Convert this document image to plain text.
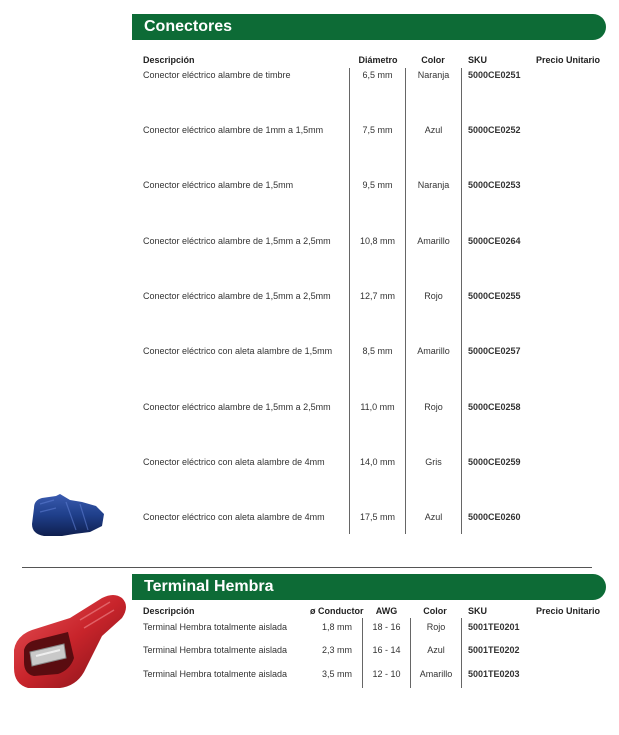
Conectores
Descripción	Diámetro	Color	SKU	Precio Unitario
Conector eléctrico alambre de timbre	6,5 mm	Naranja	5000CE0251
Conector eléctrico alambre de 1mm a 1,5mm	7,5 mm	Azul	5000CE0252
Conector eléctrico alambre de 1,5mm	9,5 mm	Naranja	5000CE0253
Conector eléctrico alambre de 1,5mm a 2,5mm	10,8 mm	Amarillo	5000CE0264
Conector eléctrico alambre de 1,5mm a 2,5mm	12,7 mm	Rojo	5000CE0255
Conector eléctrico con aleta alambre de 1,5mm	8,5 mm	Amarillo	5000CE0257
Conector eléctrico alambre de 1,5mm a 2,5mm	11,0 mm	Rojo	5000CE0258
Conector eléctrico con aleta alambre de 4mm	14,0 mm	Gris	5000CE0259
Conector eléctrico con aleta alambre de 4mm	17,5 mm	Azul	5000CE0260
Terminal Hembra
Descripción	ø Conductor	AWG	Color	SKU	Precio Unitario
Terminal Hembra totalmente aislada	1,8 mm	18 - 16	Rojo	5001TE0201
Terminal Hembra totalmente aislada	2,3 mm	16 - 14	Azul	5001TE0202
Terminal Hembra totalmente aislada	3,5 mm	12 - 10	Amarillo	5001TE0203
